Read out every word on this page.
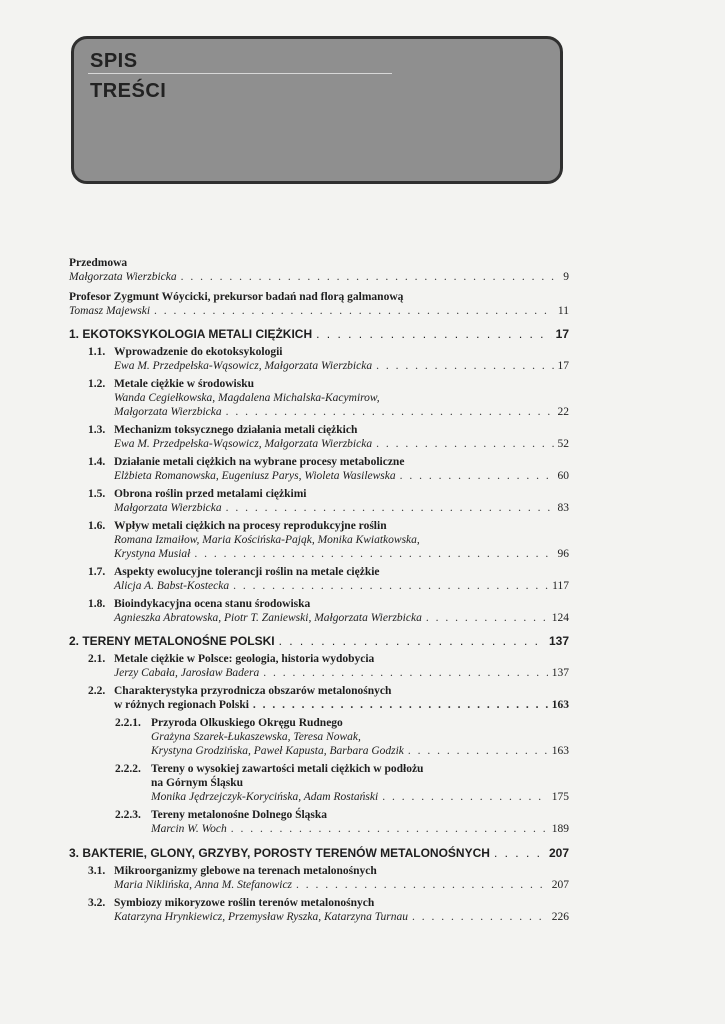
SPIS
TREŚCI
Przedmowa
Małgorzata Wierzbicka . . .	9
Profesor Zygmunt Wóycicki, prekursor badań nad florą galmanową
Tomasz Majewski . . .	11
1. EKOTOKSYKOLOGIA METALI CIĘŻKICH . . .	17
1.1. Wprowadzenie do ekotoksykologii
Ewa M. Przedpełska-Wąsowicz, Małgorzata Wierzbicka . . .	17
1.2. Metale ciężkie w środowisku
Wanda Cegiełkowska, Magdalena Michalska-Kacymirow,
Małgorzata Wierzbicka . . .	22
1.3. Mechanizm toksycznego działania metali ciężkich
Ewa M. Przedpełska-Wąsowicz, Małgorzata Wierzbicka . . .	52
1.4. Działanie metali ciężkich na wybrane procesy metaboliczne
Elżbieta Romanowska, Eugeniusz Parys, Wioleta Wasilewska . . .	60
1.5. Obrona roślin przed metalami ciężkimi
Małgorzata Wierzbicka . . .	83
1.6. Wpływ metali ciężkich na procesy reprodukcyjne roślin
Romana Izmaiłow, Maria Kościńska-Pająk, Monika Kwiatkowska,
Krystyna Musiał . . .	96
1.7. Aspekty ewolucyjne tolerancji roślin na metale ciężkie
Alicja A. Babst-Kostecka . . .	117
1.8. Bioindykacyjna ocena stanu środowiska
Agnieszka Abratowska, Piotr T. Zaniewski, Małgorzata Wierzbicka . . .	124
2. TERENY METALONOŚNE POLSKI . . .	137
2.1. Metale ciężkie w Polsce: geologia, historia wydobycia
Jerzy Cabała, Jarosław Badera . . .	137
2.2. Charakterystyka przyrodnicza obszarów metalonośnych
w różnych regionach Polski . . .	163
2.2.1. Przyroda Olkuskiego Okręgu Rudnego
Grażyna Szarek-Łukaszewska, Teresa Nowak,
Krystyna Grodzińska, Paweł Kapusta, Barbara Godzik . . .	163
2.2.2. Tereny o wysokiej zawartości metali ciężkich w podłożu
na Górnym Śląsku
Monika Jędrzejczyk-Korycińska, Adam Rostański . . .	175
2.2.3. Tereny metalonośne Dolnego Śląska
Marcin W. Woch . . .	189
3. BAKTERIE, GLONY, GRZYBY, POROSTY TERENÓW METALONOŚNYCH . . .	207
3.1. Mikroorganizmy glebowe na terenach metalonośnych
Maria Niklińska, Anna M. Stefanowicz . . .	207
3.2. Symbiozy mikoryzowe roślin terenów metalonośnych
Katarzyna Hrynkiewicz, Przemysław Ryszka, Katarzyna Turnau . . .	226
